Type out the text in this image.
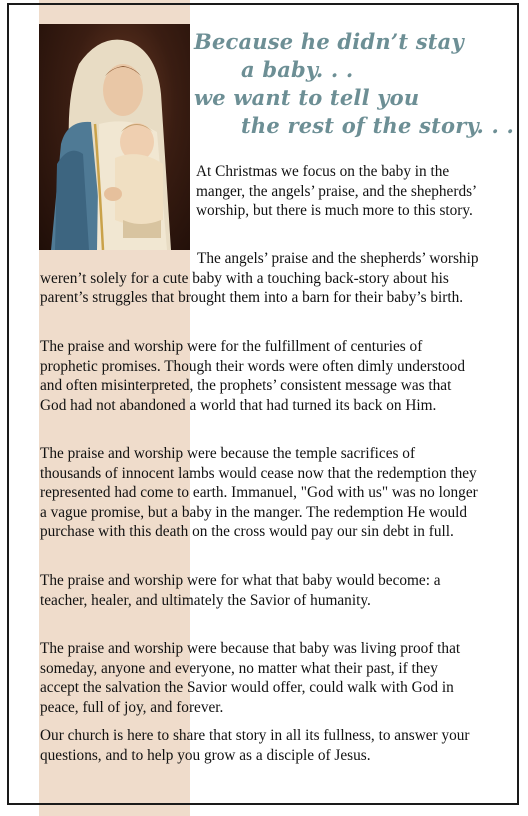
Because he didn’t stay
a baby. . .
we want to tell you
the rest of the story. . .

At Christmas we focus on the baby in the manger, the angels’ praise, and the shepherds’ worship, but there is much more to this story.

The angels’ praise and the shepherds’ worship weren’t solely for a cute baby with a touching back-story about his parent’s struggles that brought them into a barn for their baby’s birth.

The praise and worship were for the fulfillment of centuries of prophetic promises. Though their words were often dimly understood and often misinterpreted, the prophets’ consistent message was that God had not abandoned a world that had turned its back on Him.

The praise and worship were because the temple sacrifices of thousands of innocent lambs would cease now that the redemption they represented had come to earth. Immanuel, "God with us" was no longer a vague promise, but a baby in the manger. The redemption He would purchase with this death on the cross would pay our sin debt in full.

The praise and worship were for what that baby would become: a teacher, healer, and ultimately the Savior of humanity.

The praise and worship were because that baby was living proof that someday, anyone and everyone, no matter what their past, if they accept the salvation the Savior would offer, could walk with God in peace, full of joy, and forever.

Our church is here to share that story in all its fullness, to answer your questions, and to help you grow as a disciple of Jesus.
